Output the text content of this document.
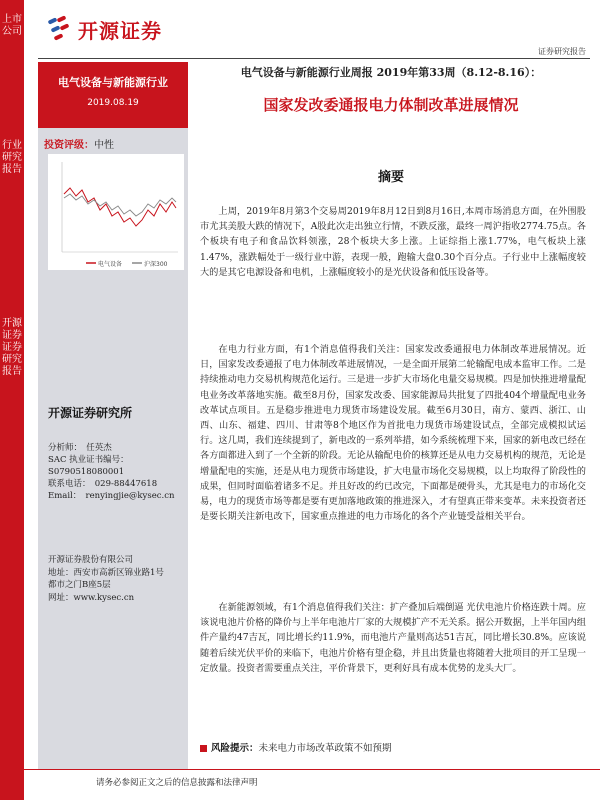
上市公司
行业研究报告
开源证券 证券研究报告
开源证券
证券研究报告
电气设备与新能源行业
2019.08.19
电气设备与新能源行业周报 2019年第33周（8.12-8.16）：
国家发改委通报电力体制改革进展情况
投资评级：中性
电气设备	沪深300
开源证券研究所
分析师：　任英杰
SAC 执业证书编号：
S0790518080001
联系电话：　029-88447618
Email：　renyingjie@kysec.cn
开源证券股份有限公司
地址：西安市高新区锦业路1号
都市之门B座5层
网址：www.kysec.cn
摘要

上周，2019年8月第3个交易周2019年8月12日到8月16日,本周市场消息方面，在外围股市尤其美股大跌的情况下，A股此次走出独立行情，不跌反涨，最终一周沪指收2774.75点。各个板块有电子和食品饮料领涨，28个板块大多上涨。上证综指上涨1.77%，电气板块上涨1.47%，涨跌幅处于一级行业中游，表现一般，跑输大盘0.30个百分点。子行业中上涨幅度较大的是其它电源设备和电机，上涨幅度较小的是光伏设备和低压设备等。

在电力行业方面，有1个消息值得我们关注：国家发改委通报电力体制改革进展情况。近日，国家发改委通报了电力体制改革进展情况，一是全面开展第二轮输配电成本监审工作。二是持续推动电力交易机构规范化运行。三是进一步扩大市场化电量交易规模。四是加快推进增量配电业务改革落地实施。截至8月份，国家发改委、国家能源局共批复了四批404个增量配电业务改革试点项目。五是稳步推进电力现货市场建设发展。截至6月30日，南方、蒙西、浙江、山西、山东、福建、四川、甘肃等8个地区作为首批电力现货市场建设试点，全部完成模拟试运行。这几周，我们连续提到了，新电改的一系列举措，如今系统梳理下来，国家的新电改已经在各方面都进入到了一个全新的阶段。无论从输配电价的核算还是从电力交易机构的规范，无论是增量配电的实施，还是从电力现货市场建设，扩大电量市场化交易规模，以上均取得了阶段性的成果，但同时面临着诸多不足。并且好改的约已改完，下面都是硬骨头，尤其是电力的市场化交易，电力的现货市场等都是要有更加落地政策的推进深入，才有望真正带来变革。未来投资者还是要长期关注新电改下，国家重点推进的电力市场化的各个产业链受益相关平台。

在新能源领域，有1个消息值得我们关注：扩产叠加后端倒逼 光伏电池片价格连跌十周。应该说电池片价格的降价与上半年电池片厂家的大规模扩产不无关系。据公开数据，上半年国内组件产量约47吉瓦，同比增长约11.9%，而电池片产量则高达51吉瓦，同比增长30.8%。应该说随着后续光伏平价的来临下，电池片价格有望企稳，并且出货量也将随着大批项目的开工呈现一定放量。投资者需要重点关注，平价背景下，更利好具有成本优势的龙头大厂。

风险提示：未来电力市场改革政策不如预期
请务必参阅正文之后的信息披露和法律声明
